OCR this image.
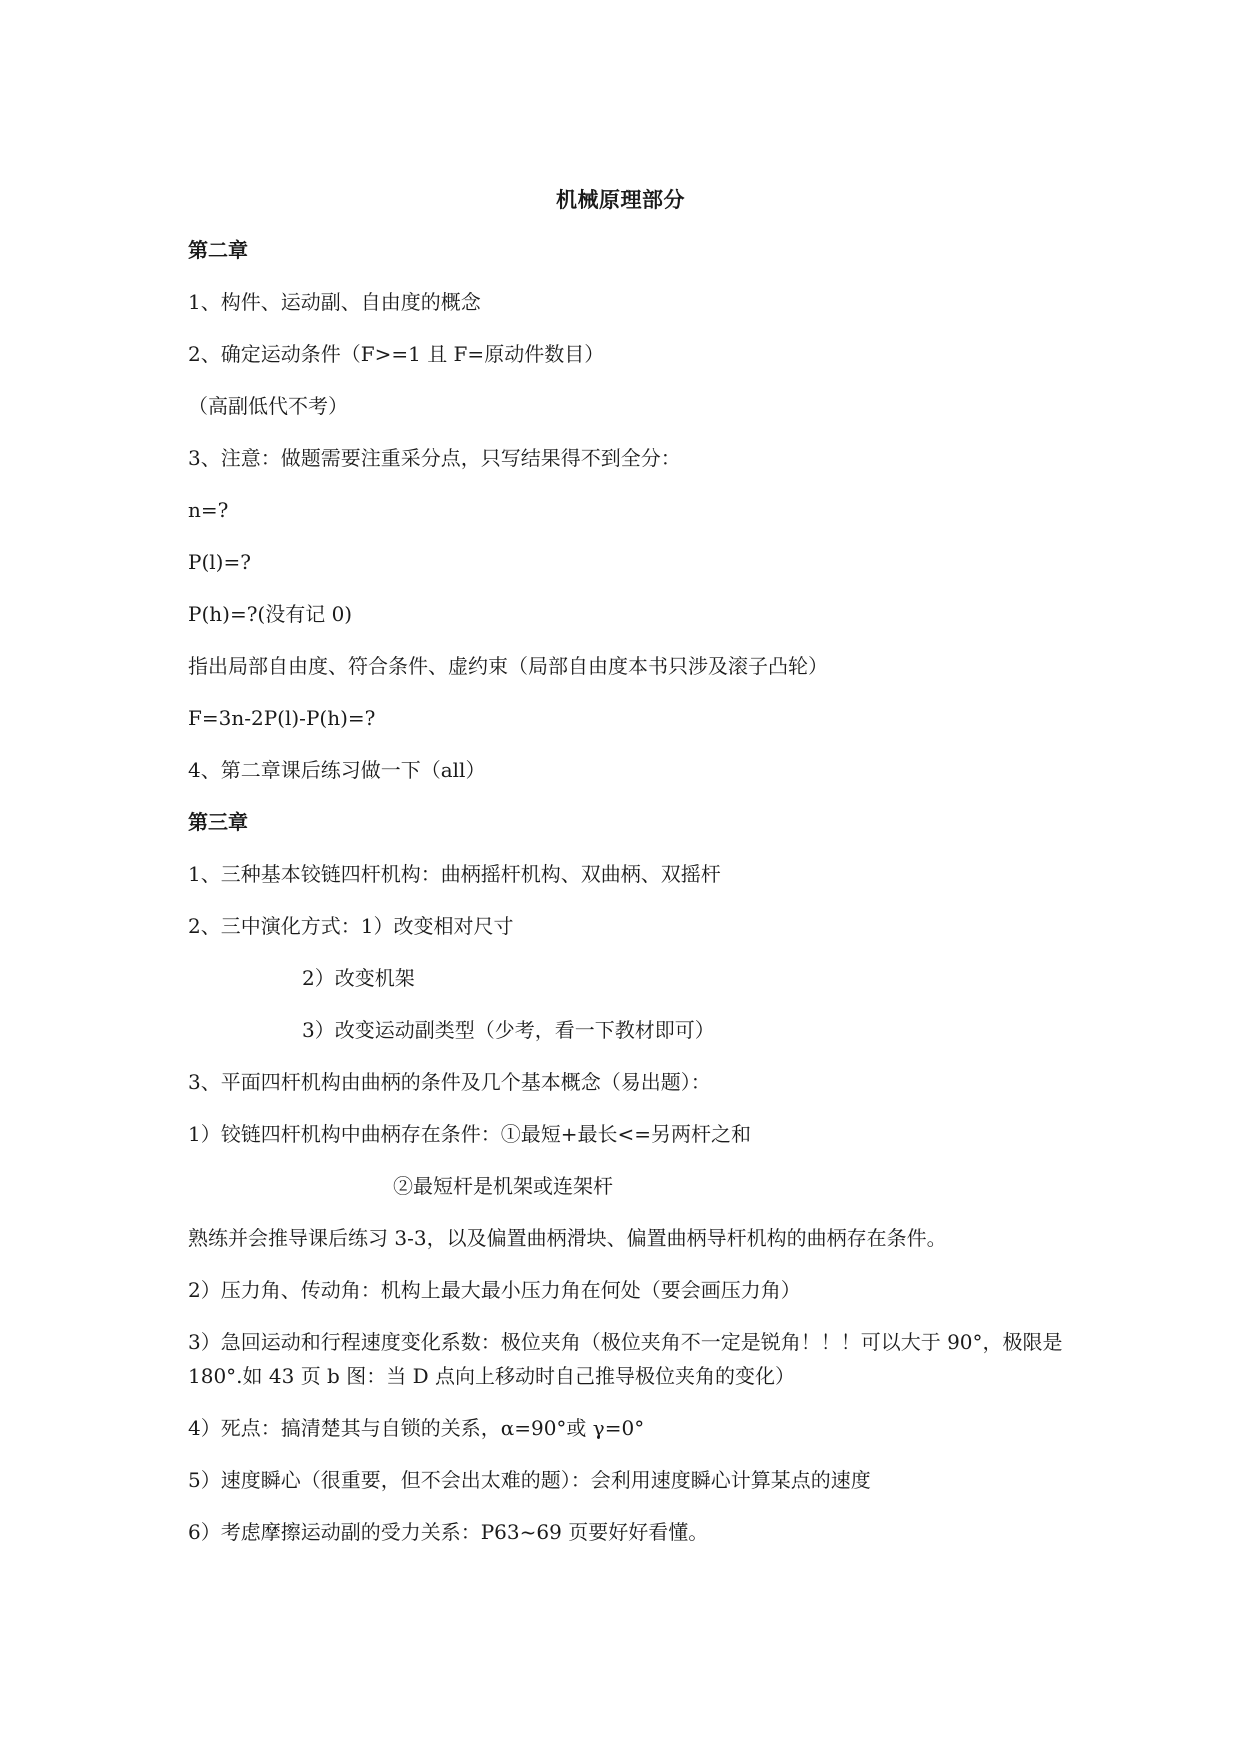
机械原理部分
第二章
1、构件、运动副、自由度的概念
2、确定运动条件（F>=1 且 F=原动件数目）
（高副低代不考）
3、注意：做题需要注重采分点，只写结果得不到全分：
n=?
P(l)=?
P(h)=?(没有记 0)
指出局部自由度、符合条件、虚约束（局部自由度本书只涉及滚子凸轮）
F=3n-2P(l)-P(h)=?
4、第二章课后练习做一下（all）
第三章
1、三种基本铰链四杆机构：曲柄摇杆机构、双曲柄、双摇杆
2、三中演化方式：1）改变相对尺寸
2）改变机架
3）改变运动副类型（少考，看一下教材即可）
3、平面四杆机构由曲柄的条件及几个基本概念（易出题）：
1）铰链四杆机构中曲柄存在条件：①最短+最长<=另两杆之和
②最短杆是机架或连架杆
熟练并会推导课后练习 3-3，以及偏置曲柄滑块、偏置曲柄导杆机构的曲柄存在条件。
2）压力角、传动角：机构上最大最小压力角在何处（要会画压力角）
3）急回运动和行程速度变化系数：极位夹角（极位夹角不一定是锐角！！！可以大于 90°，极限是 180°.如 43 页 b 图：当 D 点向上移动时自己推导极位夹角的变化）
4）死点：搞清楚其与自锁的关系，α=90°或 γ=0°
5）速度瞬心（很重要，但不会出太难的题）：会利用速度瞬心计算某点的速度
6）考虑摩擦运动副的受力关系：P63~69 页要好好看懂。
